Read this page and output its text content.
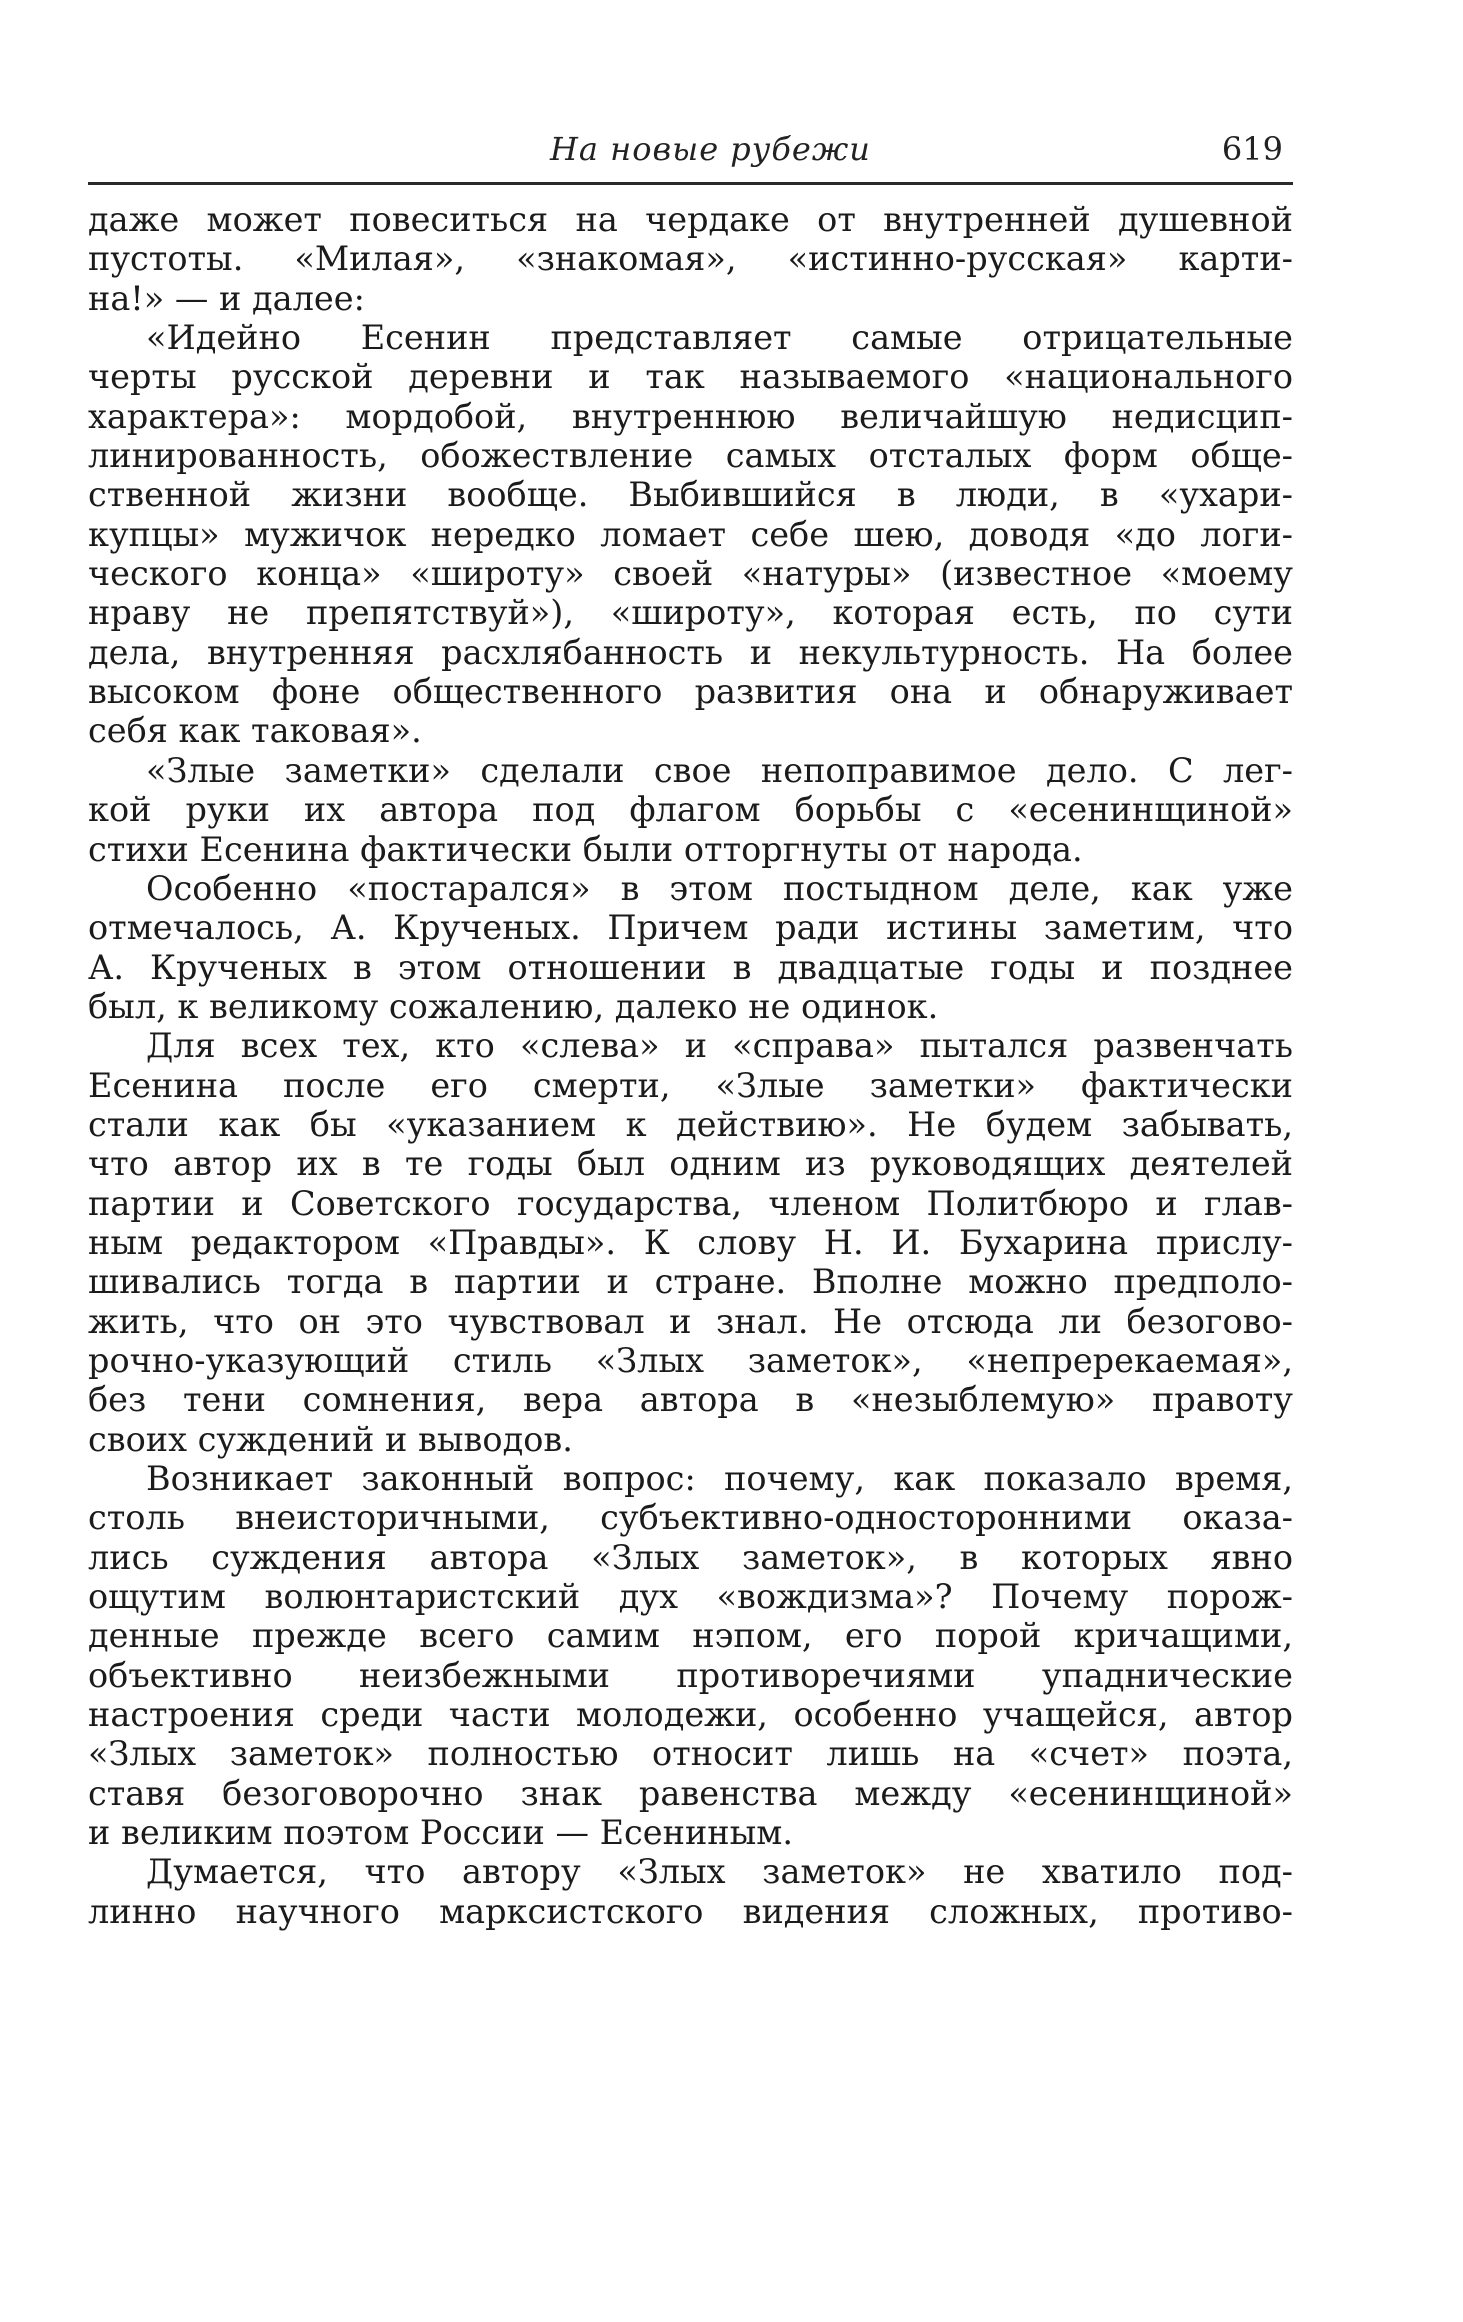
На новые рубежи	619
даже может повеситься на чердаке от внутренней душевной
пустоты. «Милая», «знакомая», «истинно-русская» карти-
на!» — и далее:
«Идейно Есенин представляет самые отрицательные
черты русской деревни и так называемого «национального
характера»: мордобой, внутреннюю величайшую недисцип-
линированность, обожествление самых отсталых форм обще-
ственной жизни вообще. Выбившийся в люди, в «ухари-
купцы» мужичок нередко ломает себе шею, доводя «до логи-
ческого конца» «широту» своей «натуры» (известное «моему
нраву не препятствуй»), «широту», которая есть, по сути
дела, внутренняя расхлябанность и некультурность. На более
высоком фоне общественного развития она и обнаруживает
себя как таковая».
«Злые заметки» сделали свое непоправимое дело. С лег-
кой руки их автора под флагом борьбы с «есенинщиной»
стихи Есенина фактически были отторгнуты от народа.
Особенно «постарался» в этом постыдном деле, как уже
отмечалось, А. Крученых. Причем ради истины заметим, что
А. Крученых в этом отношении в двадцатые годы и позднее
был, к великому сожалению, далеко не одинок.
Для всех тех, кто «слева» и «справа» пытался развенчать
Есенина после его смерти, «Злые заметки» фактически
стали как бы «указанием к действию». Не будем забывать,
что автор их в те годы был одним из руководящих деятелей
партии и Советского государства, членом Политбюро и глав-
ным редактором «Правды». К слову Н. И. Бухарина прислу-
шивались тогда в партии и стране. Вполне можно предполо-
жить, что он это чувствовал и знал. Не отсюда ли безогово-
рочно-указующий стиль «Злых заметок», «непререкаемая»,
без тени сомнения, вера автора в «незыблемую» правоту
своих суждений и выводов.
Возникает законный вопрос: почему, как показало время,
столь внеисторичными, субъективно-односторонними оказа-
лись суждения автора «Злых заметок», в которых явно
ощутим волюнтаристский дух «вождизма»? Почему порож-
денные прежде всего самим нэпом, его порой кричащими,
объективно неизбежными противоречиями упаднические
настроения среди части молодежи, особенно учащейся, автор
«Злых заметок» полностью относит лишь на «счет» поэта,
ставя безоговорочно знак равенства между «есенинщиной»
и великим поэтом России — Есениным.
Думается, что автору «Злых заметок» не хватило под-
линно научного марксистского видения сложных, противо-
